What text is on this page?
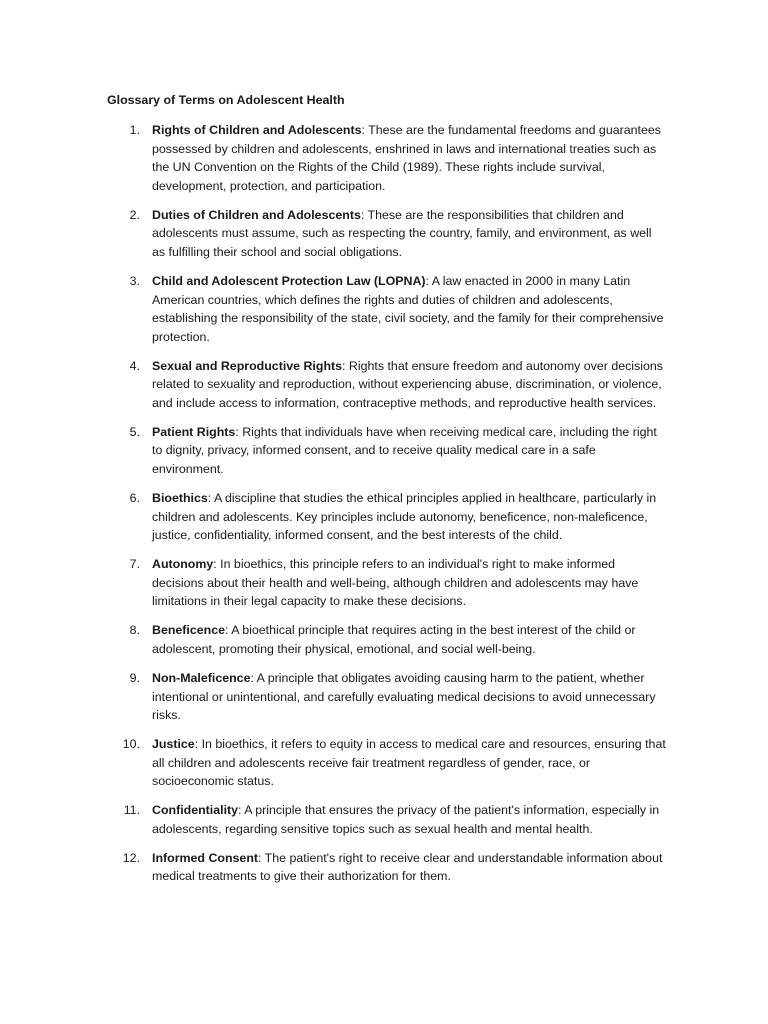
Glossary of Terms on Adolescent Health
1. Rights of Children and Adolescents: These are the fundamental freedoms and guarantees possessed by children and adolescents, enshrined in laws and international treaties such as the UN Convention on the Rights of the Child (1989). These rights include survival, development, protection, and participation.
2. Duties of Children and Adolescents: These are the responsibilities that children and adolescents must assume, such as respecting the country, family, and environment, as well as fulfilling their school and social obligations.
3. Child and Adolescent Protection Law (LOPNA): A law enacted in 2000 in many Latin American countries, which defines the rights and duties of children and adolescents, establishing the responsibility of the state, civil society, and the family for their comprehensive protection.
4. Sexual and Reproductive Rights: Rights that ensure freedom and autonomy over decisions related to sexuality and reproduction, without experiencing abuse, discrimination, or violence, and include access to information, contraceptive methods, and reproductive health services.
5. Patient Rights: Rights that individuals have when receiving medical care, including the right to dignity, privacy, informed consent, and to receive quality medical care in a safe environment.
6. Bioethics: A discipline that studies the ethical principles applied in healthcare, particularly in children and adolescents. Key principles include autonomy, beneficence, non-maleficence, justice, confidentiality, informed consent, and the best interests of the child.
7. Autonomy: In bioethics, this principle refers to an individual's right to make informed decisions about their health and well-being, although children and adolescents may have limitations in their legal capacity to make these decisions.
8. Beneficence: A bioethical principle that requires acting in the best interest of the child or adolescent, promoting their physical, emotional, and social well-being.
9. Non-Maleficence: A principle that obligates avoiding causing harm to the patient, whether intentional or unintentional, and carefully evaluating medical decisions to avoid unnecessary risks.
10. Justice: In bioethics, it refers to equity in access to medical care and resources, ensuring that all children and adolescents receive fair treatment regardless of gender, race, or socioeconomic status.
11. Confidentiality: A principle that ensures the privacy of the patient's information, especially in adolescents, regarding sensitive topics such as sexual health and mental health.
12. Informed Consent: The patient's right to receive clear and understandable information about medical treatments to give their authorization for them.
